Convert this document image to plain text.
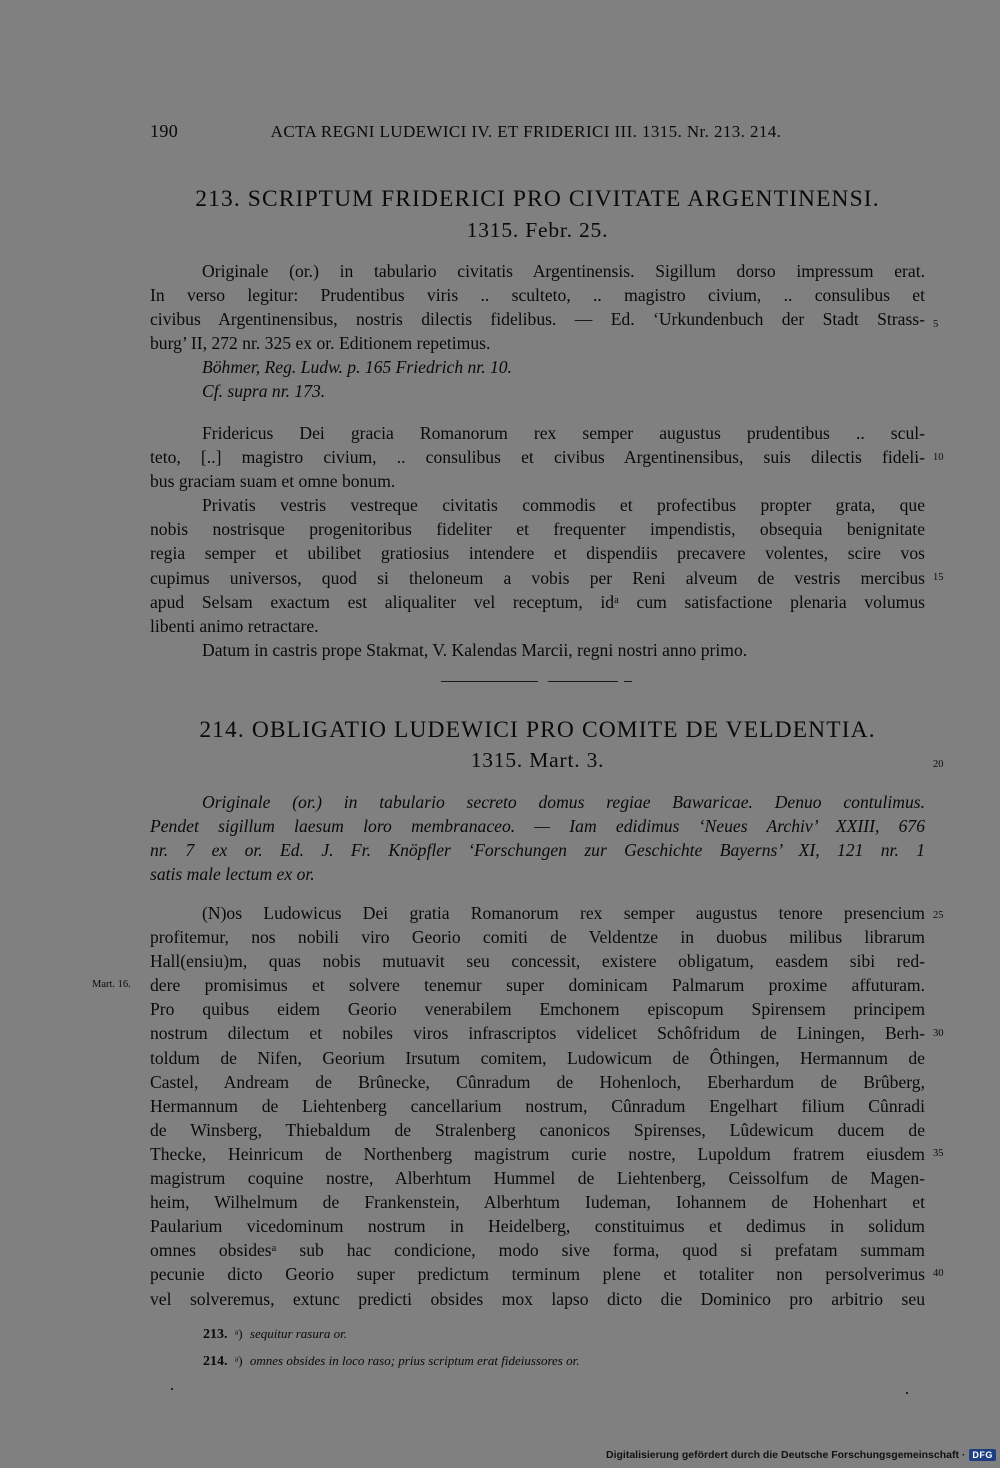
190	ACTA REGNI LUDEWICI IV. ET FRIDERICI III. 1315. Nr. 213. 214.
213. SCRIPTUM FRIDERICI PRO CIVITATE ARGENTINENSI.
1315. Febr. 25.
Originale (or.) in tabulario civitatis Argentinensis. Sigillum dorso impressum erat.
In verso legitur: Prudentibus viris .. sculteto, .. magistro civium, .. consulibus et
civibus Argentinensibus, nostris dilectis fidelibus. — Ed. ‘Urkundenbuch der Stadt Strass-
burg’ II, 272 nr. 325 ex or. Editionem repetimus.
Böhmer, Reg. Ludw. p. 165 Friedrich nr. 10.
Cf. supra nr. 173.
Fridericus Dei gracia Romanorum rex semper augustus prudentibus .. scul-
teto, [..] magistro civium, .. consulibus et civibus Argentinensibus, suis dilectis fideli-
bus graciam suam et omne bonum.
Privatis vestris vestreque civitatis commodis et profectibus propter grata, que
nobis nostrisque progenitoribus fideliter et frequenter impendistis, obsequia benignitate
regia semper et ubilibet gratiosius intendere et dispendiis precavere volentes, scire vos
cupimus universos, quod si theloneum a vobis per Reni alveum de vestris mercibus
apud Selsam exactum est aliqualiter vel receptum, idᵃ cum satisfactione plenaria volumus
libenti animo retractare.
Datum in castris prope Stakmat, V. Kalendas Marcii, regni nostri anno primo.
214. OBLIGATIO LUDEWICI PRO COMITE DE VELDENTIA.
1315. Mart. 3.
Originale (or.) in tabulario secreto domus regiae Bawaricae. Denuo contulimus.
Pendet sigillum laesum loro membranaceo. — Iam edidimus ‘Neues Archiv’ XXIII, 676
nr. 7 ex or. Ed. J. Fr. Knöpfler ‘Forschungen zur Geschichte Bayerns’ XI, 121 nr. 1
satis male lectum ex or.
(N)os Ludowicus Dei gratia Romanorum rex semper augustus tenore presencium
profitemur, nos nobili viro Georio comiti de Veldentze in duobus milibus librarum
Hall(ensiu)m, quas nobis mutuavit seu concessit, existere obligatum, easdem sibi red-
dere promisimus et solvere tenemur super dominicam Palmarum proxime affuturam.
Pro quibus eidem Georio venerabilem Emchonem episcopum Spirensem principem
nostrum dilectum et nobiles viros infrascriptos videlicet Schôfridum de Liningen, Berh-
toldum de Nifen, Georium Irsutum comitem, Ludowicum de Ôthingen, Hermannum de
Castel, Andream de Brûnecke, Cûnradum de Hohenloch, Eberhardum de Brûberg,
Hermannum de Liehtenberg cancellarium nostrum, Cûnradum Engelhart filium Cûnradi
de Winsberg, Thiebaldum de Stralenberg canonicos Spirenses, Lûdewicum ducem de
Thecke, Heinricum de Northenberg magistrum curie nostre, Lupoldum fratrem eiusdem
magistrum coquine nostre, Alberhtum Hummel de Liehtenberg, Ceissolfum de Magen-
heim, Wilhelmum de Frankenstein, Alberhtum Iudeman, Iohannem de Hohenhart et
Paularium vicedominum nostrum in Heidelberg, constituimus et dedimus in solidum
omnes obsidesᵃ sub hac condicione, modo sive forma, quod si prefatam summam
pecunie dicto Georio super predictum terminum plene et totaliter non persolverimus
vel solveremus, extunc predicti obsides mox lapso dicto die Dominico pro arbitrio seu
5
10
15
20
25
30
35
40
Mart. 16.
213. ᵃ) sequitur rasura or.
214. ᵃ) omnes obsides in loco raso; prius scriptum erat fideiussores or.
Digitalisierung gefördert durch die Deutsche Forschungsgemeinschaft · DFG
